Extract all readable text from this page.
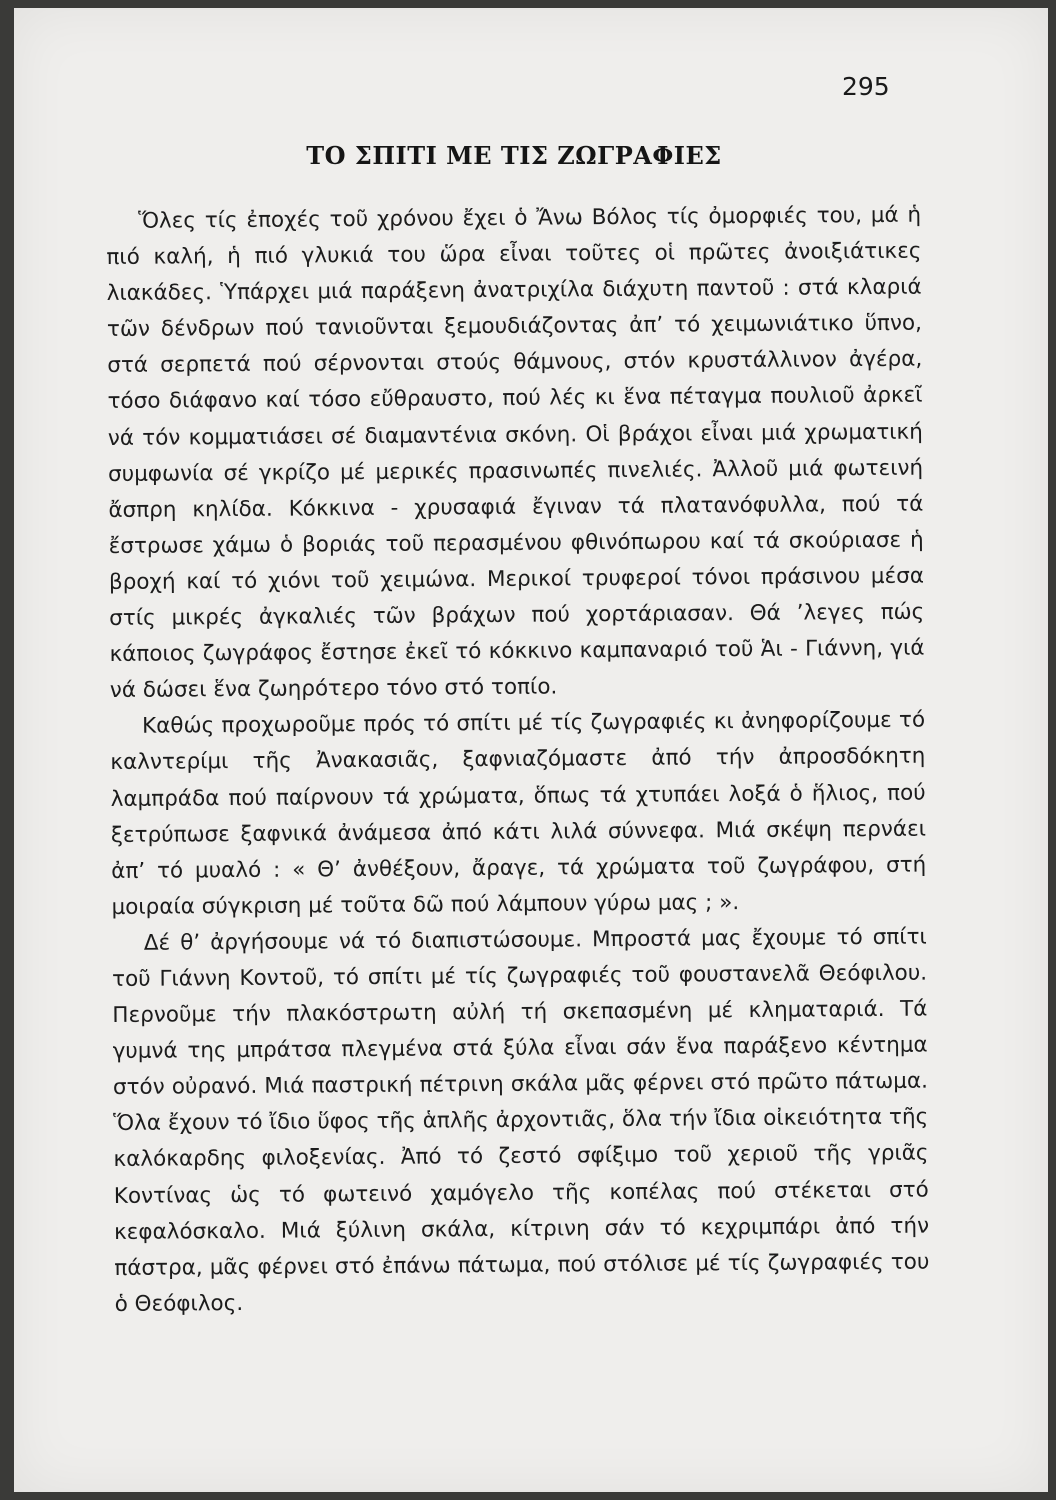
295
ΤΟ ΣΠΙΤΙ ΜΕ ΤΙΣ ΖΩΓΡΑΦΙΕΣ

Ὅλες τίς ἐποχές τοῦ χρόνου ἔχει ὁ Ἄνω Βόλος τίς ὀμορφιές του, μά ἡ πιό καλή, ἡ πιό γλυκιά του ὥρα εἶναι τοῦτες οἱ πρῶτες ἀνοιξιάτικες λιακάδες. Ὑπάρχει μιά παράξενη ἀνατριχίλα διάχυτη παντοῦ : στά κλαριά τῶν δένδρων πού τανιοῦνται ξεμουδιάζοντας ἀπ’ τό χειμωνιάτικο ὕπνο, στά σερπετά πού σέρνονται στούς θάμνους, στόν κρυστάλλινον ἀγέρα, τόσο διάφανο καί τόσο εὔθραυστο, πού λές κι ἕνα πέταγμα πουλιοῦ ἀρκεῖ νά τόν κομματιάσει σέ διαμαντένια σκόνη. Οἱ βράχοι εἶναι μιά χρωματική συμφωνία σέ γκρίζο μέ μερικές πρασινωπές πινελιές. Ἀλλοῦ μιά φωτεινή ἄσπρη κηλίδα. Κόκκινα - χρυσαφιά ἔγιναν τά πλατανόφυλλα, πού τά ἔστρωσε χάμω ὁ βοριάς τοῦ περασμένου φθινόπωρου καί τά σκούριασε ἡ βροχή καί τό χιόνι τοῦ χειμώνα. Μερικοί τρυφεροί τόνοι πράσινου μέσα στίς μικρές ἀγκαλιές τῶν βράχων πού χορτάριασαν. Θά ’λεγες πώς κάποιος ζωγράφος ἔστησε ἐκεῖ τό κόκκινο καμπαναριό τοῦ Ἁι - Γιάννη, γιά νά δώσει ἕνα ζωηρότερο τόνο στό τοπίο.

Καθώς προχωροῦμε πρός τό σπίτι μέ τίς ζωγραφιές κι ἀνηφορίζουμε τό καλντερίμι τῆς Ἀνακασιᾶς, ξαφνιαζόμαστε ἀπό τήν ἀπροσδόκητη λαμπράδα πού παίρνουν τά χρώματα, ὅπως τά χτυπάει λοξά ὁ ἥλιος, πού ξετρύπωσε ξαφνικά ἀνάμεσα ἀπό κάτι λιλά σύννεφα. Μιά σκέψη περνάει ἀπ’ τό μυαλό : « Θ’ ἀνθέξουν, ἄραγε, τά χρώματα τοῦ ζωγράφου, στή μοιραία σύγκριση μέ τοῦτα δῶ πού λάμπουν γύρω μας ; ».

Δέ θ’ ἀργήσουμε νά τό διαπιστώσουμε. Μπροστά μας ἔχουμε τό σπίτι τοῦ Γιάννη Κοντοῦ, τό σπίτι μέ τίς ζωγραφιές τοῦ φουστανελᾶ Θεόφιλου. Περνοῦμε τήν πλακόστρωτη αὐλή τή σκεπασμένη μέ κληματαριά. Τά γυμνά της μπράτσα πλεγμένα στά ξύλα εἶναι σάν ἕνα παράξενο κέντημα στόν οὐρανό. Μιά παστρική πέτρινη σκάλα μᾶς φέρνει στό πρῶτο πάτωμα. Ὅλα ἔχουν τό ἴδιο ὕφος τῆς ἁπλῆς ἀρχοντιᾶς, ὅλα τήν ἴδια οἰκειότητα τῆς καλόκαρδης φιλοξενίας. Ἀπό τό ζεστό σφίξιμο τοῦ χεριοῦ τῆς γριᾶς Κοντίνας ὡς τό φωτεινό χαμόγελο τῆς κοπέλας πού στέκεται στό κεφαλόσκαλο. Μιά ξύλινη σκάλα, κίτρινη σάν τό κεχριμπάρι ἀπό τήν πάστρα, μᾶς φέρνει στό ἐπάνω πάτωμα, πού στόλισε μέ τίς ζωγραφιές του ὁ Θεόφιλος.
